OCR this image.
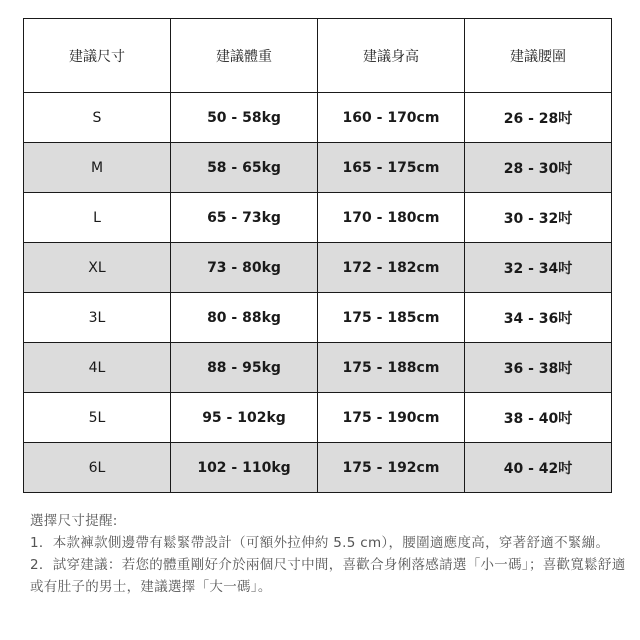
建議尺寸	建議體重	建議身高	建議腰圍
S	50 - 58kg	160 - 170cm	26 - 28吋
M	58 - 65kg	165 - 175cm	28 - 30吋
L	65 - 73kg	170 - 180cm	30 - 32吋
XL	73 - 80kg	172 - 182cm	32 - 34吋
3L	80 - 88kg	175 - 185cm	34 - 36吋
4L	88 - 95kg	175 - 188cm	36 - 38吋
5L	95 - 102kg	175 - 190cm	38 - 40吋
6L	102 - 110kg	175 - 192cm	40 - 42吋

選擇尺寸提醒:

1．本款褲款側邊帶有鬆緊帶設計（可額外拉伸約 5.5 cm），腰圍適應度高，穿著舒適不緊繃。

2．試穿建議：若您的體重剛好介於兩個尺寸中間，喜歡合身俐落感請選「小一碼」；喜歡寬鬆舒適或有肚子的男士，建議選擇「大一碼」。
